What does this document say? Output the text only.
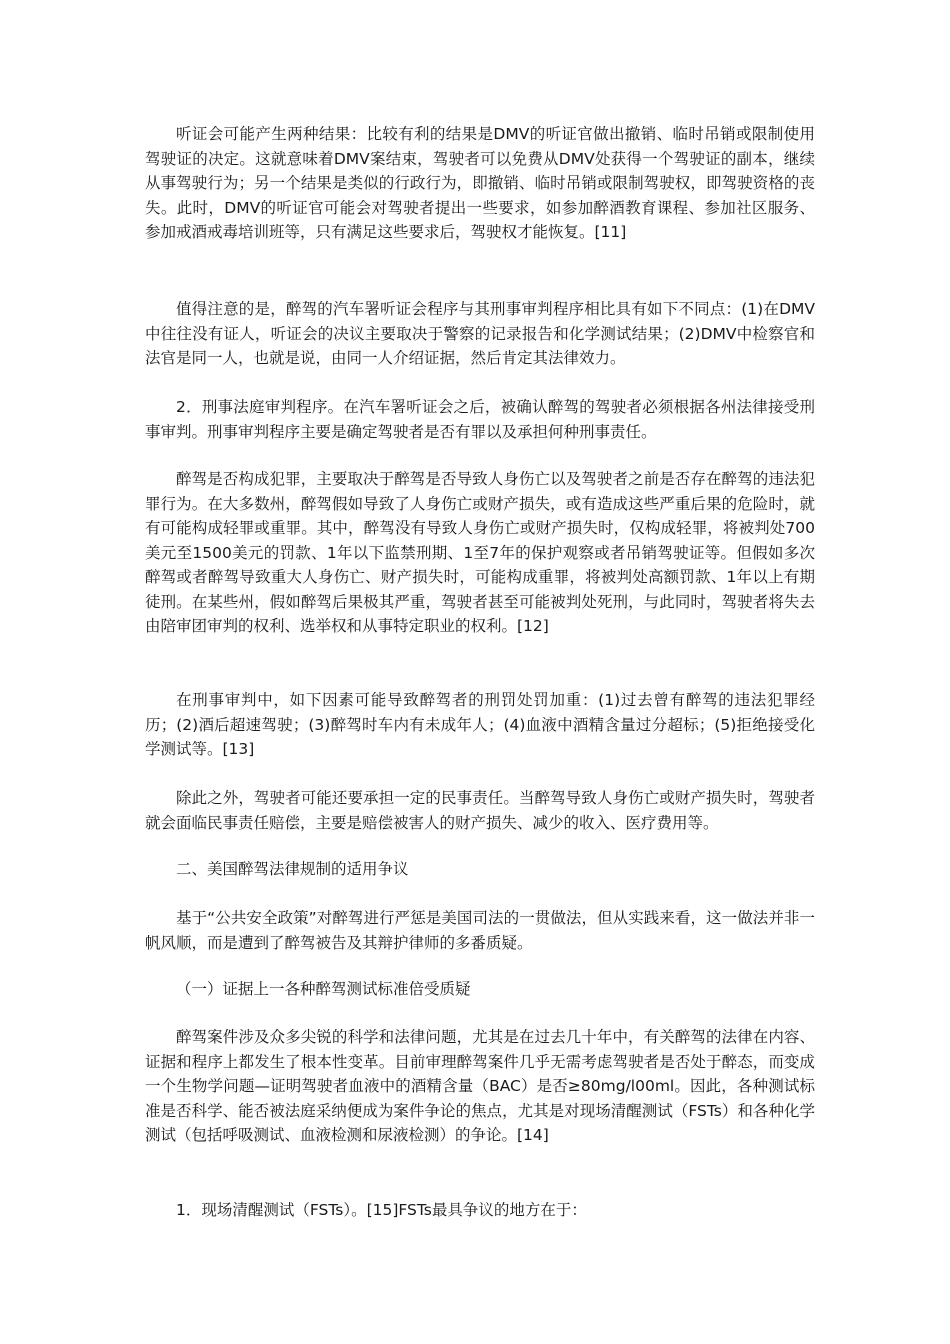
听证会可能产生两种结果：比较有利的结果是DMV的听证官做出撤销、临时吊销或限制使用驾驶证的决定。这就意味着DMV案结束，驾驶者可以免费从DMV处获得一个驾驶证的副本，继续从事驾驶行为；另一个结果是类似的行政行为，即撤销、临时吊销或限制驾驶权，即驾驶资格的丧失。此时，DMV的听证官可能会对驾驶者提出一些要求，如参加醉酒教育课程、参加社区服务、参加戒酒戒毒培训班等，只有满足这些要求后，驾驶权才能恢复。[11]

值得注意的是，醉驾的汽车署听证会程序与其刑事审判程序相比具有如下不同点：(1)在DMV中往往没有证人，听证会的决议主要取决于警察的记录报告和化学测试结果；(2)DMV中检察官和法官是同一人，也就是说，由同一人介绍证据，然后肯定其法律效力。

2．刑事法庭审判程序。在汽车署听证会之后，被确认醉驾的驾驶者必须根据各州法律接受刑事审判。刑事审判程序主要是确定驾驶者是否有罪以及承担何种刑事责任。

醉驾是否构成犯罪，主要取决于醉驾是否导致人身伤亡以及驾驶者之前是否存在醉驾的违法犯罪行为。在大多数州，醉驾假如导致了人身伤亡或财产损失，或有造成这些严重后果的危险时，就有可能构成轻罪或重罪。其中，醉驾没有导致人身伤亡或财产损失时，仅构成轻罪，将被判处700美元至1500美元的罚款、1年以下监禁刑期、1至7年的保护观察或者吊销驾驶证等。但假如多次醉驾或者醉驾导致重大人身伤亡、财产损失时，可能构成重罪，将被判处高额罚款、1年以上有期徒刑。在某些州，假如醉驾后果极其严重，驾驶者甚至可能被判处死刑，与此同时，驾驶者将失去由陪审团审判的权利、选举权和从事特定职业的权利。[12]

在刑事审判中，如下因素可能导致醉驾者的刑罚处罚加重：(1)过去曾有醉驾的违法犯罪经历；(2)酒后超速驾驶；(3)醉驾时车内有未成年人；(4)血液中酒精含量过分超标；(5)拒绝接受化学测试等。[13]

除此之外，驾驶者可能还要承担一定的民事责任。当醉驾导致人身伤亡或财产损失时，驾驶者就会面临民事责任赔偿，主要是赔偿被害人的财产损失、减少的收入、医疗费用等。

二、美国醉驾法律规制的适用争议

基于“公共安全政策”对醉驾进行严惩是美国司法的一贯做法，但从实践来看，这一做法并非一帆风顺，而是遭到了醉驾被告及其辩护律师的多番质疑。

（一）证据上一各种醉驾测试标准倍受质疑

醉驾案件涉及众多尖锐的科学和法律问题，尤其是在过去几十年中，有关醉驾的法律在内容、证据和程序上都发生了根本性变革。目前审理醉驾案件几乎无需考虑驾驶者是否处于醉态，而变成一个生物学问题—证明驾驶者血液中的酒精含量（BAC）是否≥80mg/l00ml。因此，各种测试标准是否科学、能否被法庭采纳便成为案件争论的焦点，尤其是对现场清醒测试（FSTs）和各种化学测试（包括呼吸测试、血液检测和尿液检测）的争论。[14]

1．现场清醒测试（FSTs）。[15]FSTs最具争议的地方在于：
